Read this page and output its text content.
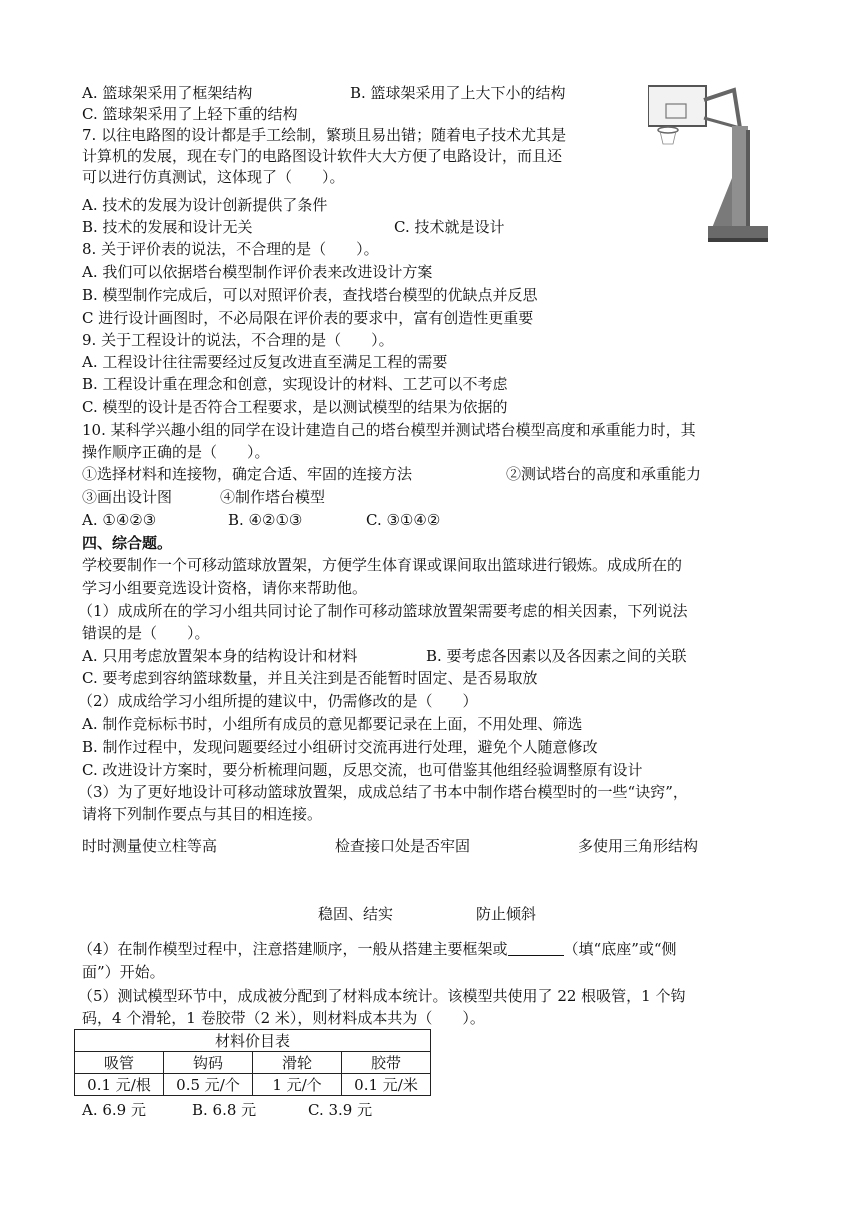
A. 篮球架采用了框架结构	B. 篮球架采用了上大下小的结构
C. 篮球架采用了上轻下重的结构
7. 以往电路图的设计都是手工绘制，繁琐且易出错；随着电子技术尤其是
计算机的发展，现在专门的电路图设计软件大大方便了电路设计，而且还
可以进行仿真测试，这体现了（　　）。
A. 技术的发展为设计创新提供了条件
B. 技术的发展和设计无关	C. 技术就是设计
8. 关于评价表的说法，不合理的是（　　）。
A. 我们可以依据塔台模型制作评价表来改进设计方案
B. 模型制作完成后，可以对照评价表，查找塔台模型的优缺点并反思
C 进行设计画图时，不必局限在评价表的要求中，富有创造性更重要
9. 关于工程设计的说法，不合理的是（　　）。
A. 工程设计往往需要经过反复改进直至满足工程的需要
B. 工程设计重在理念和创意，实现设计的材料、工艺可以不考虑
C. 模型的设计是否符合工程要求，是以测试模型的结果为依据的
10. 某科学兴趣小组的同学在设计建造自己的塔台模型并测试塔台模型高度和承重能力时，其
操作顺序正确的是（　　）。
①选择材料和连接物，确定合适、牢固的连接方法	②测试塔台的高度和承重能力
③画出设计图	④制作塔台模型
A. ①④②③	B. ④②①③	C. ③①④②
四、综合题。
学校要制作一个可移动篮球放置架，方便学生体育课或课间取出篮球进行锻炼。成成所在的
学习小组要竞选设计资格，请你来帮助他。
（1）成成所在的学习小组共同讨论了制作可移动篮球放置架需要考虑的相关因素，下列说法
错误的是（　　）。
A. 只用考虑放置架本身的结构设计和材料	B. 要考虑各因素以及各因素之间的关联
C. 要考虑到容纳篮球数量，并且关注到是否能暂时固定、是否易取放
（2）成成给学习小组所提的建议中，仍需修改的是（　　）
A. 制作竞标标书时，小组所有成员的意见都要记录在上面，不用处理、筛选
B. 制作过程中，发现问题要经过小组研讨交流再进行处理，避免个人随意修改
C. 改进设计方案时，要分析梳理问题，反思交流，也可借鉴其他组经验调整原有设计
（3）为了更好地设计可移动篮球放置架，成成总结了书本中制作塔台模型时的一些“诀窍”，
请将下列制作要点与其目的相连接。
时时测量使立柱等高	检查接口处是否牢固	多使用三角形结构
稳固、结实	防止倾斜
（4）在制作模型过程中，注意搭建顺序，一般从搭建主要框架或	（填“底座”或“侧
面”）开始。
（5）测试模型环节中，成成被分配到了材料成本统计。该模型共使用了 22 根吸管，1 个钩
码，4 个滑轮，1 卷胶带（2 米），则材料成本共为（　　）。
材料价目表			
吸管	钩码	滑轮	胶带
0.1 元/根	0.5 元/个	1 元/个	0.1 元/米
A. 6.9 元	B. 6.8 元	C. 3.9 元
